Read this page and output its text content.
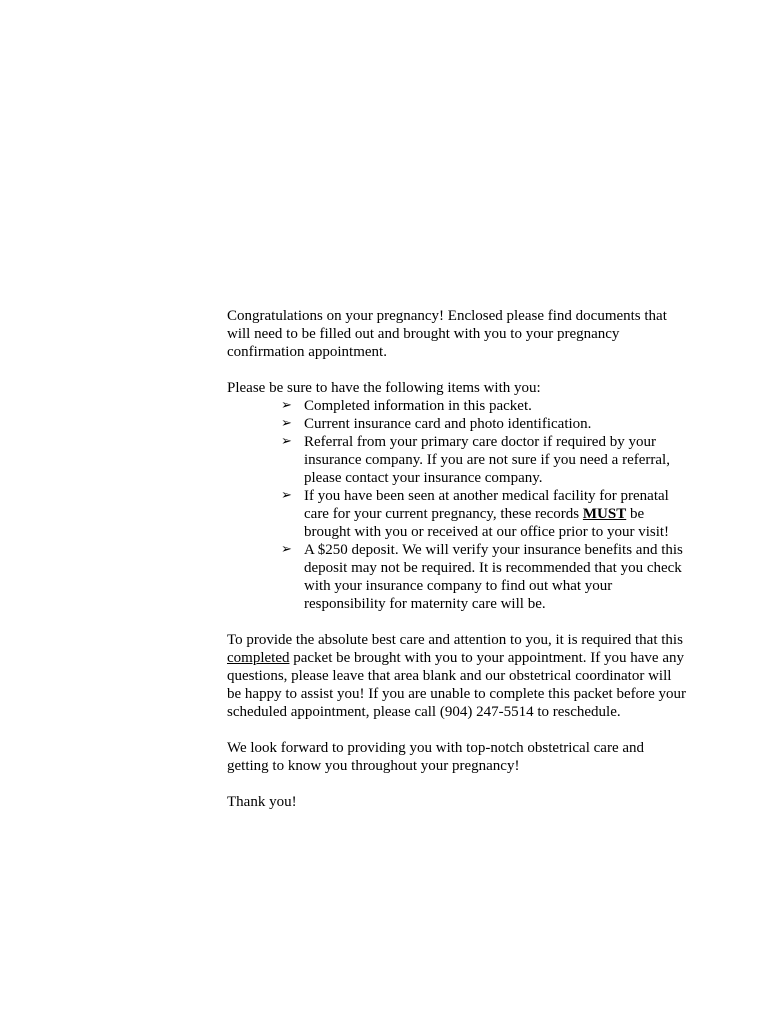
Congratulations on your pregnancy! Enclosed please find documents that will need to be filled out and brought with you to your pregnancy confirmation appointment.

Please be sure to have the following items with you:

➢ Completed information in this packet.
➢ Current insurance card and photo identification.
➢ Referral from your primary care doctor if required by your insurance company. If you are not sure if you need a referral, please contact your insurance company.
➢ If you have been seen at another medical facility for prenatal care for your current pregnancy, these records MUST be brought with you or received at our office prior to your visit!
➢ A $250 deposit. We will verify your insurance benefits and this deposit may not be required. It is recommended that you check with your insurance company to find out what your responsibility for maternity care will be.

To provide the absolute best care and attention to you, it is required that this completed packet be brought with you to your appointment. If you have any questions, please leave that area blank and our obstetrical coordinator will be happy to assist you! If you are unable to complete this packet before your scheduled appointment, please call (904) 247-5514 to reschedule.

We look forward to providing you with top-notch obstetrical care and getting to know you throughout your pregnancy!

Thank you!
